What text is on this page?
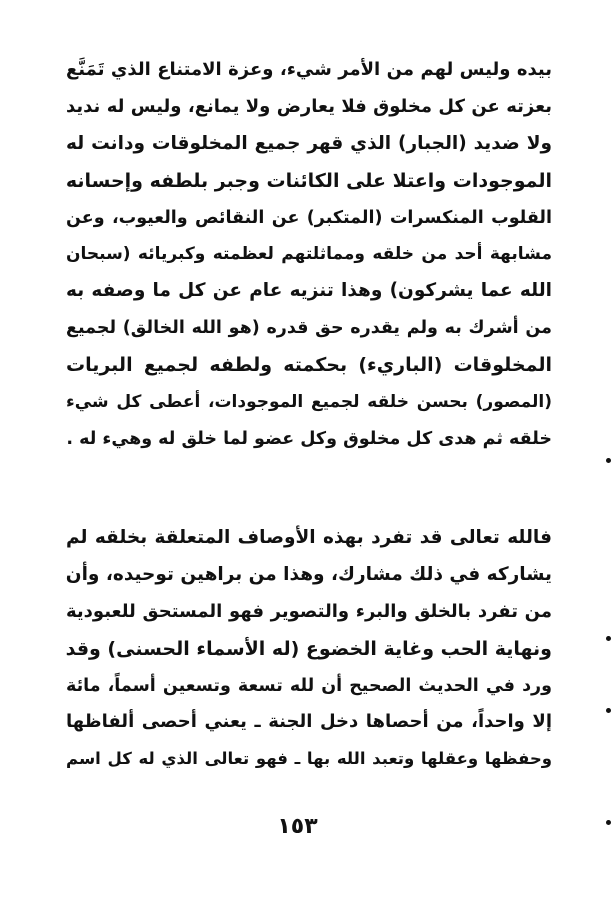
بيده وليس لهم من الأمر شيء، وعزة الامتناع الذي تَمَنَّع
بعزته عن كل مخلوق فلا يعارض ولا يمانع، وليس له نديد
ولا ضديد (الجبار) الذي قهر جميع المخلوقات ودانت له
الموجودات واعتلا على الكائنات وجبر بلطفه وإحسانه
القلوب المنكسرات (المتكبر) عن النقائص والعيوب، وعن
مشابهة أحد من خلقه ومماثلتهم لعظمته وكبريائه (سبحان
الله عما يشركون) وهذا تنزيه عام عن كل ما وصفه به
من أشرك به ولم يقدره حق قدره (هو الله الخالق) لجميع
المخلوقات (الباريء) بحكمته ولطفه لجميع البريات
(المصور) بحسن خلقه لجميع الموجودات، أعطى كل شيء
خلقه ثم هدى كل مخلوق وكل عضو لما خلق له وهيء له .
فالله تعالى قد تفرد بهذه الأوصاف المتعلقة بخلقه لم
يشاركه في ذلك مشارك، وهذا من براهين توحيده، وأن
من تفرد بالخلق والبرء والتصوير فهو المستحق للعبودية
ونهاية الحب وغاية الخضوع (له الأسماء الحسنى) وقد
ورد في الحديث الصحيح أن لله تسعة وتسعين أسماً، مائة
إلا واحداً، من أحصاها دخل الجنة ـ يعني أحصى ألفاظها
وحفظها وعقلها وتعبد الله بها ـ فهو تعالى الذي له كل اسم
١٥٣
